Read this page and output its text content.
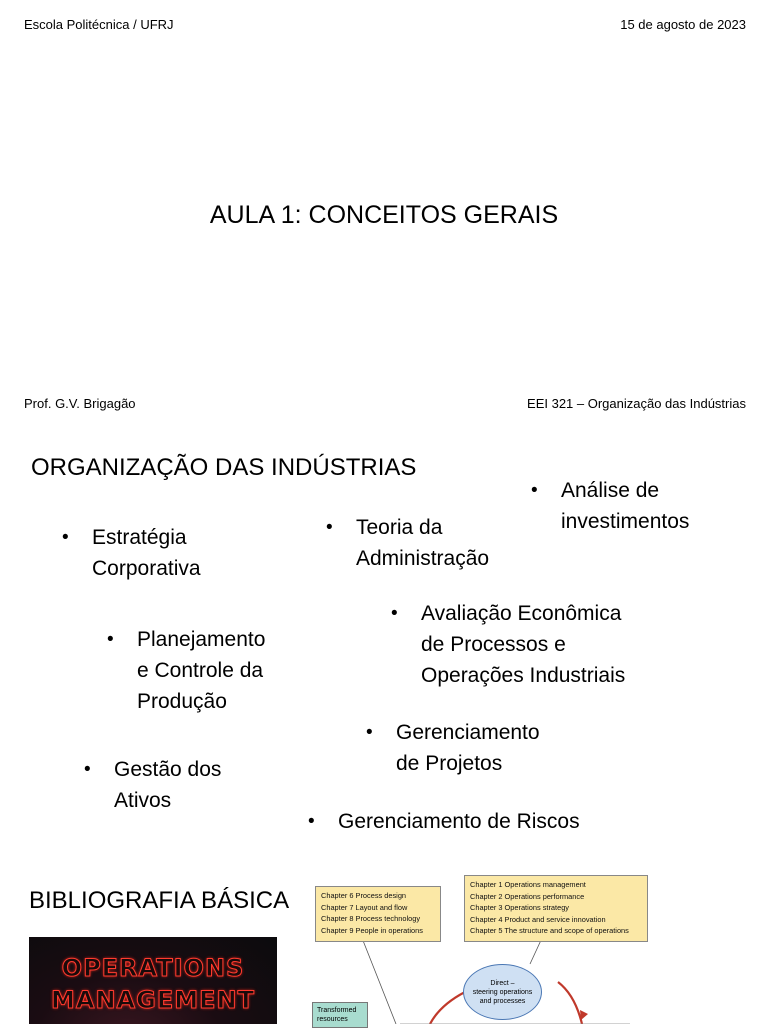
Escola Politécnica / UFRJ	15 de agosto de 2023
AULA 1: CONCEITOS GERAIS
Prof. G.V. Brigagão	EEI 321 – Organização das Indústrias
ORGANIZAÇÃO DAS INDÚSTRIAS
• Análise de
investimentos
• Estratégia
Corporativa
• Teoria da
Administração
• Avaliação Econômica
de Processos e
Operações Industriais
• Planejamento
e Controle da
Produção
• Gerenciamento
de Projetos
• Gestão dos
Ativos
• Gerenciamento de Riscos
BIBLIOGRAFIA BÁSICA
OPERATIONS
MANAGEMENT
Chapter 6 Process design
Chapter 7 Layout and flow
Chapter 8 Process technology
Chapter 9 People in operations
Chapter 1 Operations management
Chapter 2 Operations performance
Chapter 3 Operations strategy
Chapter 4 Product and service innovation
Chapter 5 The structure and scope of operations
Direct –
steering operations
and processes
Transformed
resources
